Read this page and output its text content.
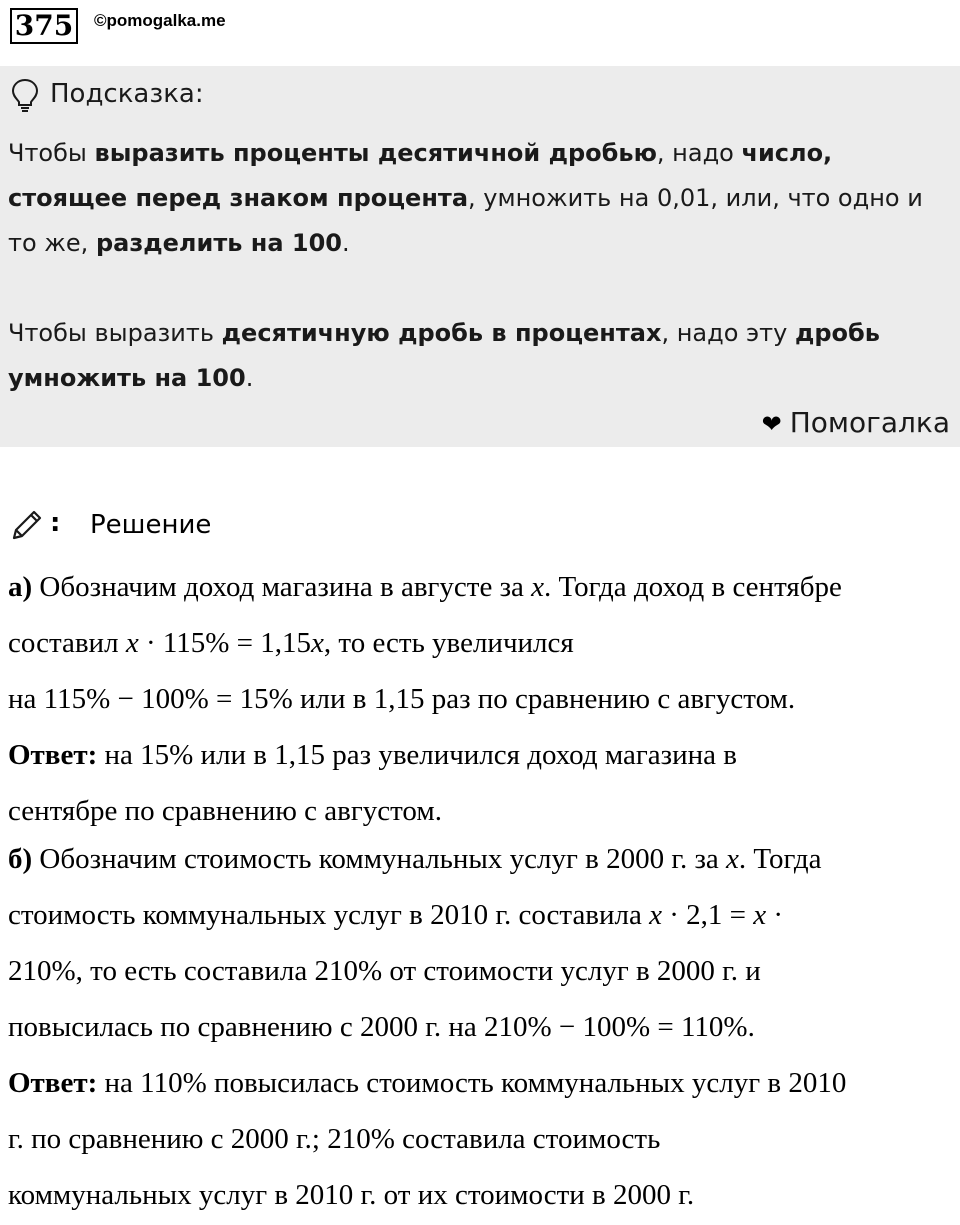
375 ©pomogalka.me
Подсказка:

Чтобы выразить проценты десятичной дробью, надо число, стоящее перед знаком процента, умножить на 0,01, или, что одно и то же, разделить на 100.

Чтобы выразить десятичную дробь в процентах, надо эту дробь умножить на 100.

❤ Помогалка
Решение
:

а) Обозначим доход магазина в августе за x. Тогда доход в сентябре

составил x · 115% = 1,15x, то есть увеличился

на 115% − 100% = 15% или в 1,15 раз по сравнению с августом.

Ответ: на 15% или в 1,15 раз увеличился доход магазина в

сентябре по сравнению с августом.

б) Обозначим стоимость коммунальных услуг в 2000 г. за x. Тогда

стоимость коммунальных услуг в 2010 г. составила x · 2,1 = x ·

210%, то есть составила 210% от стоимости услуг в 2000 г. и

повысилась по сравнению с 2000 г. на 210% − 100% = 110%.

Ответ: на 110% повысилась стоимость коммунальных услуг в 2010

г. по сравнению с 2000 г.; 210% составила стоимость

коммунальных услуг в 2010 г. от их стоимости в 2000 г.
